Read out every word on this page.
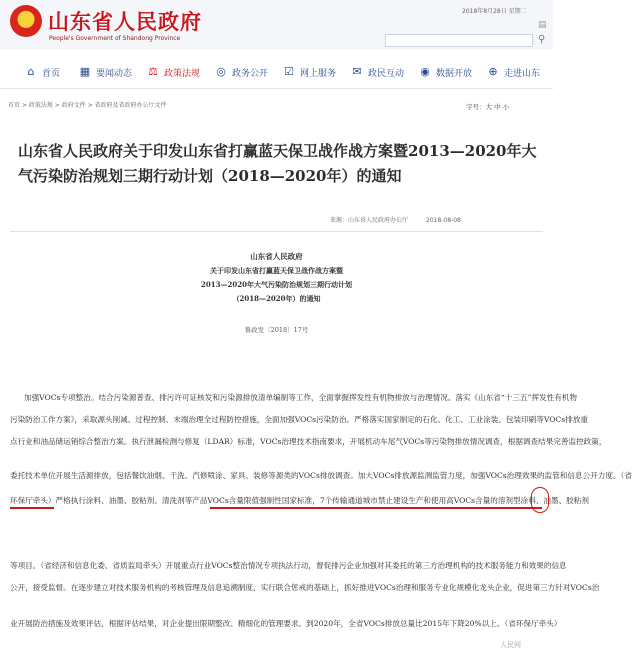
山东省人民政府
People's Government of Shandong Province
2018年8月28日 星期二
▤
⚲
⌂ 首页 ▦ 要闻动态 ⚖ 政策法规 ◎ 政务公开 ☑ 网上服务 ✉ 政民互动 ◉ 数据开放 ⊕ 走进山东
首页 > 政策法规 > 政府文件 > 省政府及省政府办公厅文件	字号：大 中 小
山东省人民政府关于印发山东省打赢蓝天保卫战作战方案暨2013—2020年大气污染防治规划三期行动计划（2018—2020年）的通知
来源：山东省人民政府办公厅　　　2018-08-08
山东省人民政府
关于印发山东省打赢蓝天保卫战作战方案暨
2013—2020年大气污染防治规划三期行动计划
（2018—2020年）的通知
鲁政发〔2018〕17号
加强VOCs专项整治。结合污染源普查、排污许可证核发和污染源排放清单编制等工作，全面掌握挥发性有机物排放与治理情况。落实《山东省“十三五”挥发性有机物
污染防治工作方案》，采取源头削减、过程控制、末端治理全过程防控措施，全面加强VOCs污染防治。严格落实国家制定的石化、化工、工业涂装、包装印刷等VOCs排放重
点行业和油品储运销综合整治方案。执行泄漏检测与修复（LDAR）标准，VOCs治理技术指南要求，开展机动车尾气VOCs等污染物排放情况调查，根据调查结果完善监控政策，
委托技术单位开展生活源排放，包括餐饮油烟、干洗、汽修喷涂、家具、装修等源类的VOCs排放调查。加大VOCs排放源监测监管力度，加强VOCs治理效果的监管和信息公开力度。（省
环保厅牵头）严格执行涂料、油墨、胶粘剂、清洗剂等产品VOCs含量限值强制性国家标准，7个传输通道城市禁止建设生产和使用高VOCs含量的溶剂型涂料、油墨、胶粘剂
等项目。（省经济和信息化委、省质监局牵头）开展重点行业VOCs整治情况专项执法行动，督促排污企业加强对其委托的第三方治理机构的技术服务能力和效果的信息
公开，接受监督。在逐步建立对技术服务机构的考核管理及信息追溯制度，实行联合惩戒的基础上，抓好推进VOCs治理和服务专业化规模化龙头企业，促进第三方针对VOCs治
业开展防治措施及效果评估，根据评估结果，对企业提出限期整改、精细化的管理要求。到2020年，全省VOCs排放总量比2015年下降20%以上。（省环保厅牵头）
人民网
